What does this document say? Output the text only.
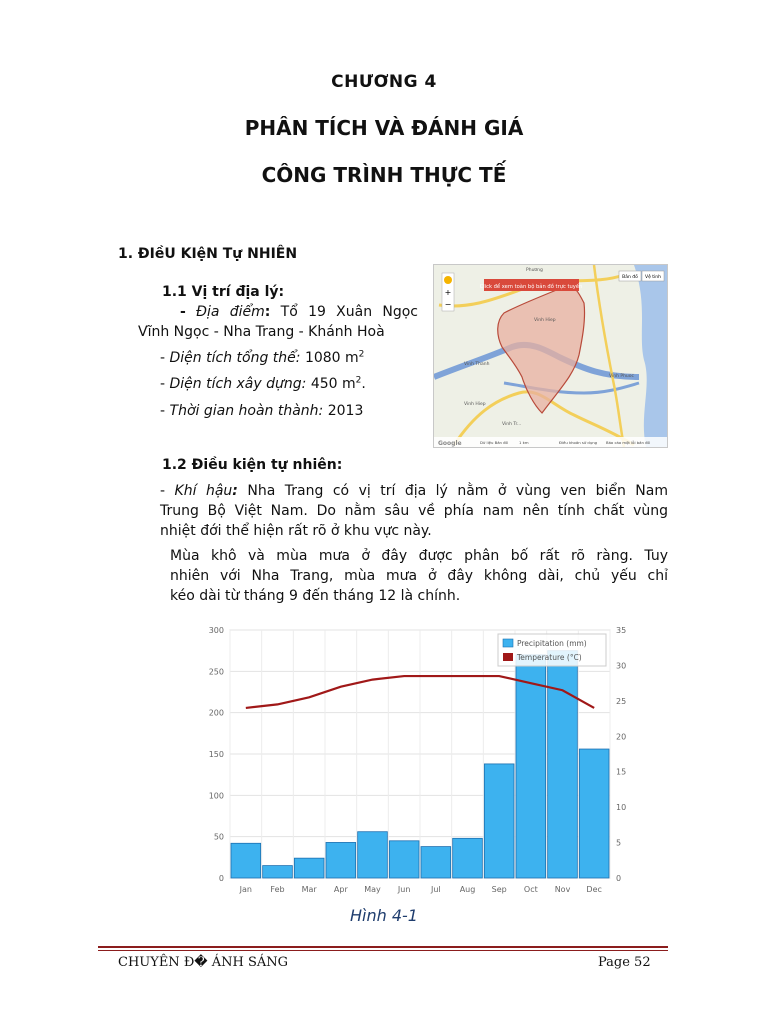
CHƯƠNG 4
PHÂN TÍCH VÀ ĐÁNH GIÁ
CÔNG TRÌNH THỰC TẾ
1. ĐIềU KIệN Tự NHIÊN
1.1 Vị trí địa lý:
- Địa điểm: Tổ 19 Xuân Ngọc
Vĩnh Ngọc - Nha Trang - Khánh Hoà
- Diện tích tổng thể: 1080 $m^2$
- Diện tích xây dựng: 450 $m^2$.
- Thời gian hoàn thành: 2013
Click để xem toàn bộ bản đồ trực tuyến
Bản đồ Vệ tinh
+
−
Phương
Vinh Hiep
Vinh Thanh
Vinh Hiep
Vinh Tr...
Vinh Phuoc
Google	Dữ liệu Bản đồ	1 km	Điều khoản sử dụng Báo cáo một lỗi bản đồ
1.2 Điều kiện tự nhiên:
- Khí hậu: Nha Trang có vị trí địa lý nằm ở vùng ven biển Nam
Trung Bộ Việt Nam. Do nằm sâu về phía nam nên tính chất vùng
nhiệt đới thể hiện rất rõ ở khu vực này.
Mùa khô và mùa mưa ở đây được phân bố rất rõ ràng. Tuy
nhiên với Nha Trang, mùa mưa ở đây không dài, chủ yếu chỉ
kéo dài từ tháng 9 đến tháng 12 là chính.
0
50
100
150
200
250
300
0
5
10
15
20
25
30
35
Jan Feb Mar Apr May Jun	Jul Aug Sep Oct Nov Dec
Precipitation (mm)
Temperature (°C)
Hình 4-1
CHUYÊN Đ� ÁNH SÁNG	Page 52
